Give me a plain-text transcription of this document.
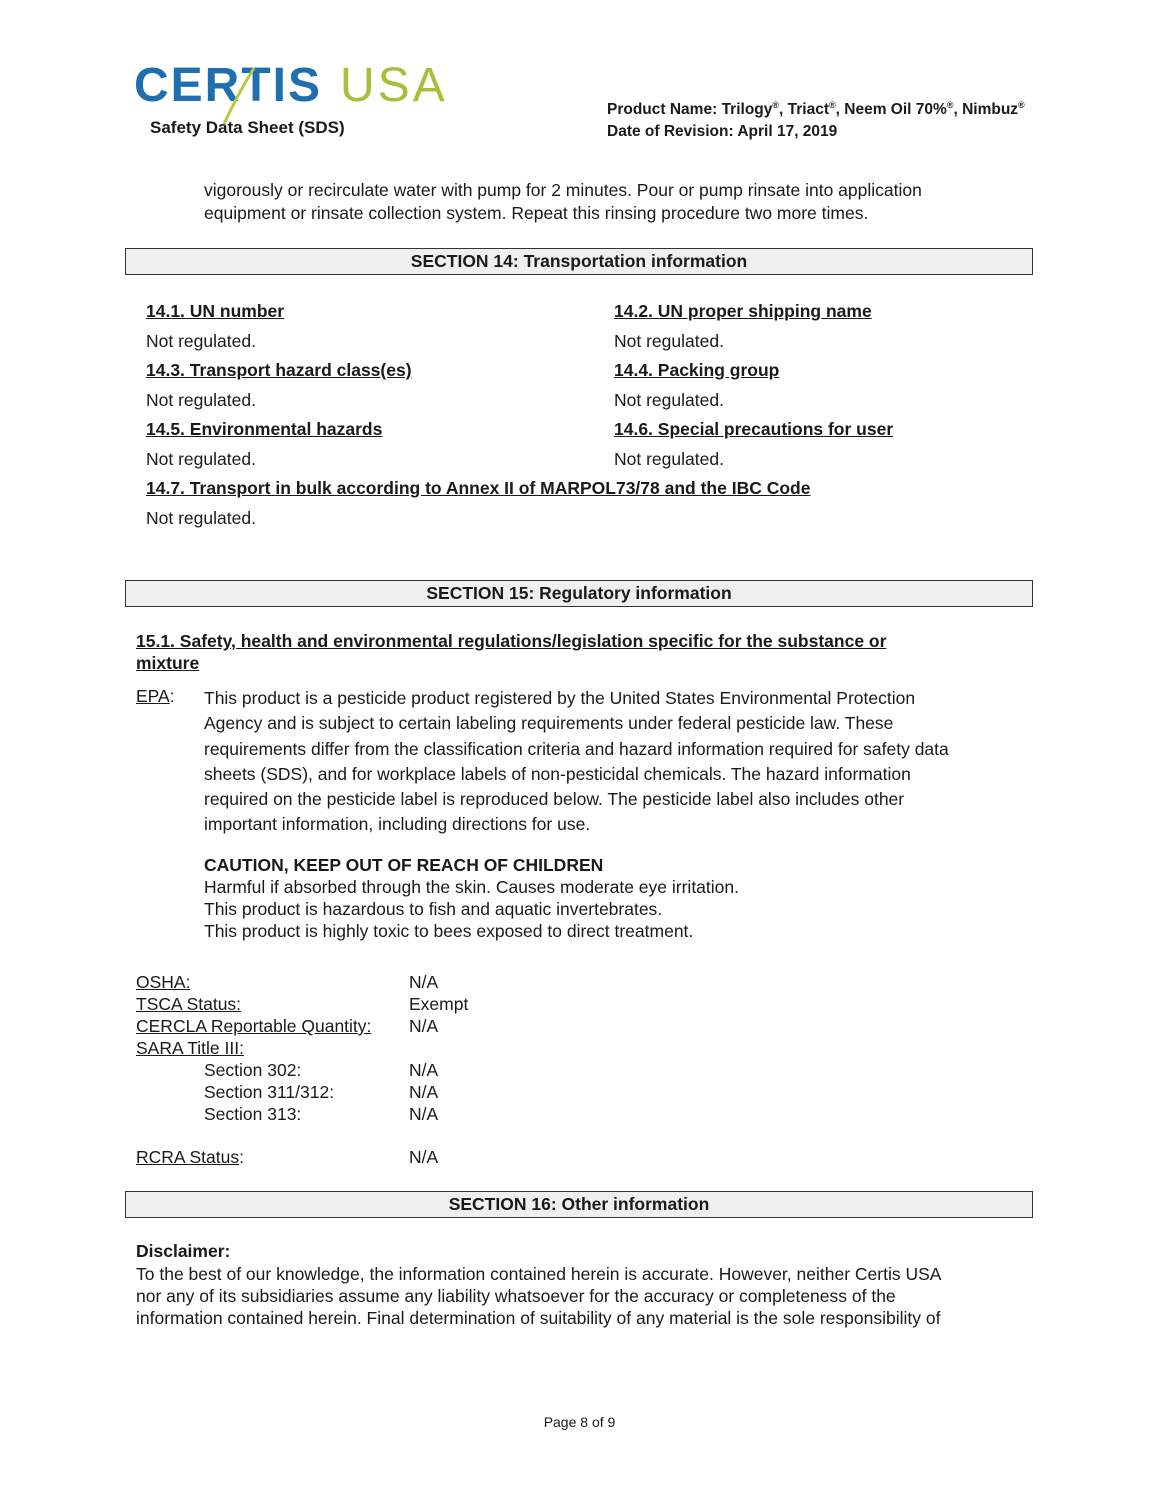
CERTIS USA
Safety Data Sheet (SDS)
Product Name: Trilogy®, Triact®, Neem Oil 70%®, Nimbuz®
Date of Revision: April 17, 2019
vigorously or recirculate water with pump for 2 minutes. Pour or pump rinsate into application
equipment or rinsate collection system. Repeat this rinsing procedure two more times.
SECTION 14: Transportation information
14.1. UN number
Not regulated.
14.2. UN proper shipping name
Not regulated.
14.3. Transport hazard class(es)
Not regulated.
14.4. Packing group
Not regulated.
14.5. Environmental hazards
Not regulated.
14.6. Special precautions for user
Not regulated.
14.7. Transport in bulk according to Annex II of MARPOL73/78 and the IBC Code
Not regulated.
SECTION 15: Regulatory information
15.1. Safety, health and environmental regulations/legislation specific for the substance or
mixture
EPA: This product is a pesticide product registered by the United States Environmental Protection
Agency and is subject to certain labeling requirements under federal pesticide law. These
requirements differ from the classification criteria and hazard information required for safety data
sheets (SDS), and for workplace labels of non-pesticidal chemicals. The hazard information
required on the pesticide label is reproduced below. The pesticide label also includes other
important information, including directions for use.
CAUTION, KEEP OUT OF REACH OF CHILDREN
Harmful if absorbed through the skin. Causes moderate eye irritation.
This product is hazardous to fish and aquatic invertebrates.
This product is highly toxic to bees exposed to direct treatment.
OSHA:
TSCA Status:
CERCLA Reportable Quantity:
SARA Title III:
N/A
Exempt
N/A
Section 302:
Section 311/312:
Section 313:
N/A
N/A
N/A
RCRA Status:	N/A
SECTION 16: Other information
Disclaimer:
To the best of our knowledge, the information contained herein is accurate. However, neither Certis USA
nor any of its subsidiaries assume any liability whatsoever for the accuracy or completeness of the
information contained herein. Final determination of suitability of any material is the sole responsibility of
Page 8 of 9
